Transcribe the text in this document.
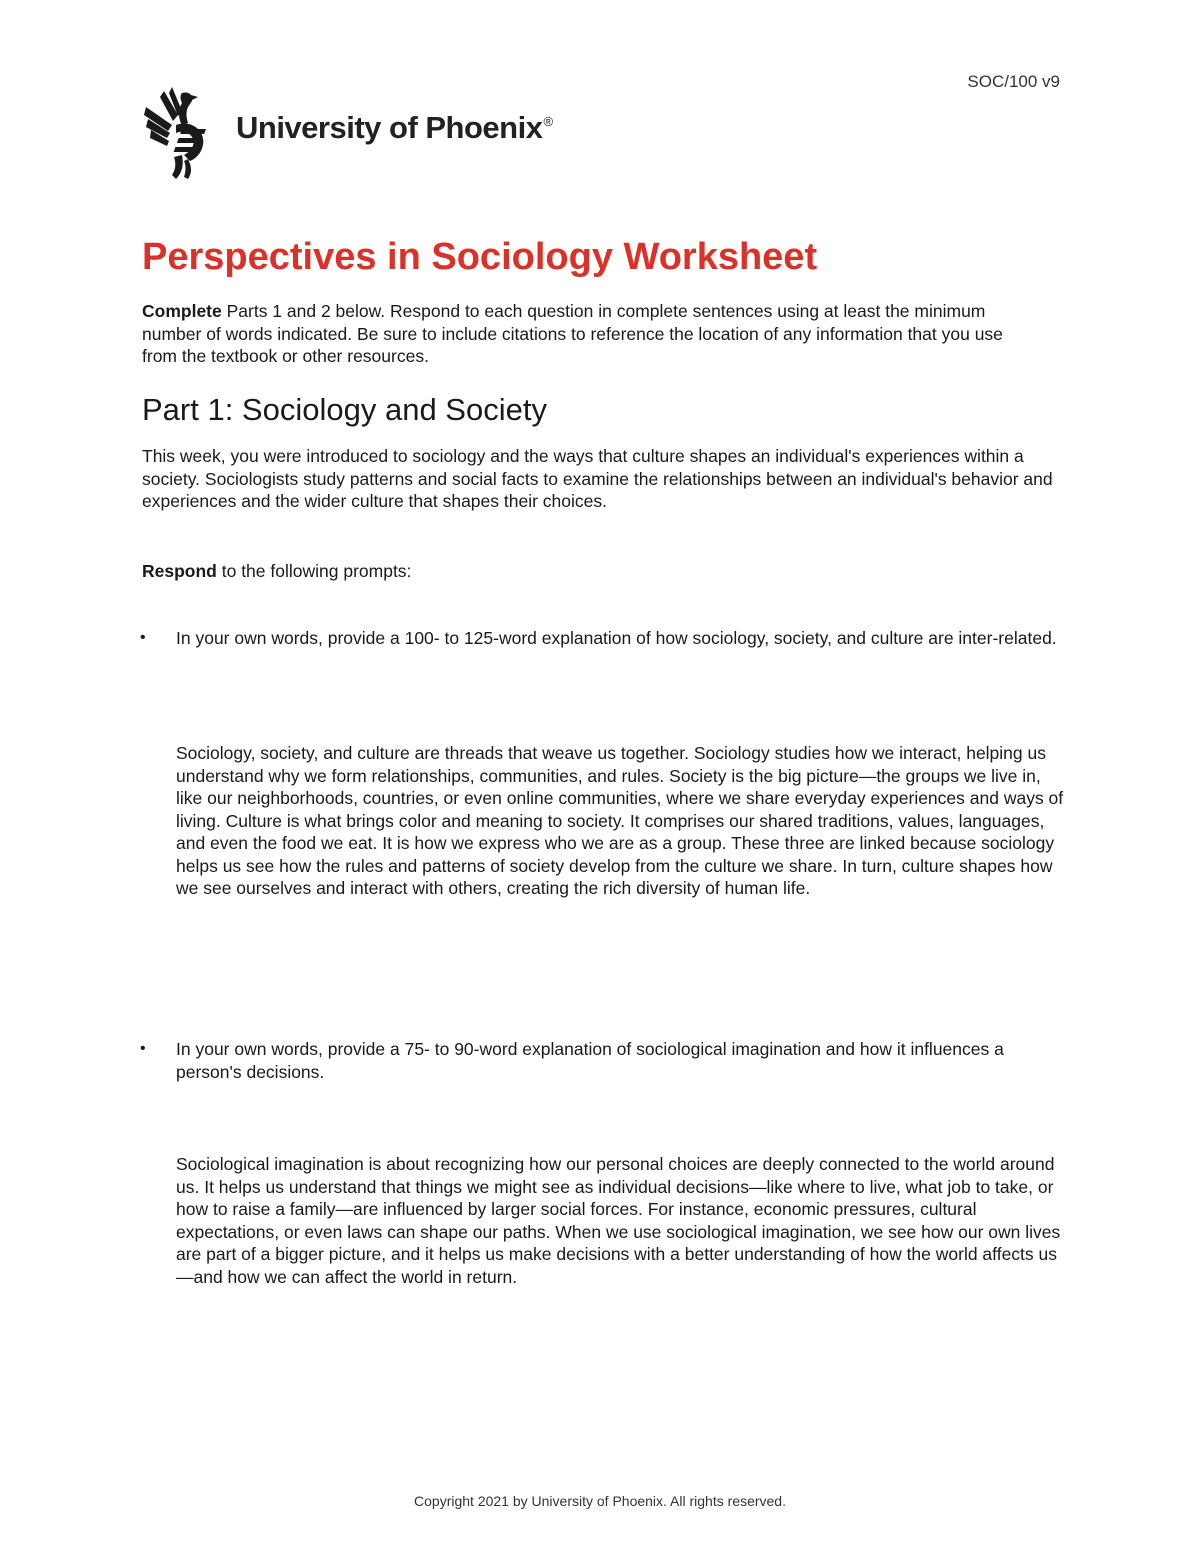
SOC/100 v9
University of Phoenix®
Perspectives in Sociology Worksheet

Complete Parts 1 and 2 below. Respond to each question in complete sentences using at least the minimum number of words indicated. Be sure to include citations to reference the location of any information that you use from the textbook or other resources.

Part 1: Sociology and Society

This week, you were introduced to sociology and the ways that culture shapes an individual's experiences within a society. Sociologists study patterns and social facts to examine the relationships between an individual's behavior and experiences and the wider culture that shapes their choices.

Respond to the following prompts:

• In your own words, provide a 100- to 125-word explanation of how sociology, society, and culture are inter-related.

Sociology, society, and culture are threads that weave us together. Sociology studies how we interact, helping us understand why we form relationships, communities, and rules. Society is the big picture—the groups we live in, like our neighborhoods, countries, or even online communities, where we share everyday experiences and ways of living. Culture is what brings color and meaning to society. It comprises our shared traditions, values, languages, and even the food we eat. It is how we express who we are as a group. These three are linked because sociology helps us see how the rules and patterns of society develop from the culture we share. In turn, culture shapes how we see ourselves and interact with others, creating the rich diversity of human life.

• In your own words, provide a 75- to 90-word explanation of sociological imagination and how it influences a person's decisions.

Sociological imagination is about recognizing how our personal choices are deeply connected to the world around us. It helps us understand that things we might see as individual decisions—like where to live, what job to take, or how to raise a family—are influenced by larger social forces. For instance, economic pressures, cultural expectations, or even laws can shape our paths. When we use sociological imagination, we see how our own lives are part of a bigger picture, and it helps us make decisions with a better understanding of how the world affects us—and how we can affect the world in return.

Copyright 2021 by University of Phoenix. All rights reserved.
